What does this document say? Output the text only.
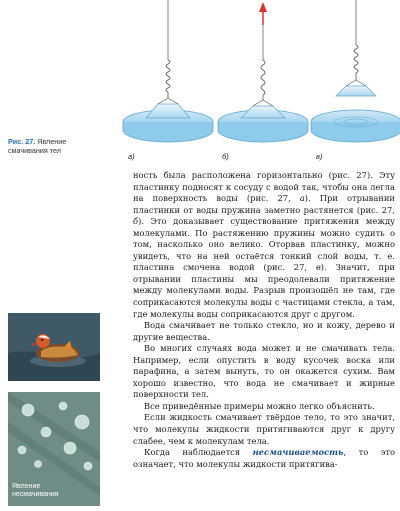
Рис. 27. Явление смачивания тел
а)	б)	в)
Явление несмачивания

ность была расположена горизонтально (рис. 27). Эту пластинку подносят к сосуду с водой так, чтобы она легла на поверхность воды (рис. 27, а). При отрывании пластинки от воды пружина заметно растянется (рис. 27, б). Это доказывает существование притяжения между молекулами. По растяжению пружины можно судить о том, насколько оно велико. Оторвав пластинку, можно увидеть, что на ней остаётся тонкий слой воды, т. е. пластина смочена водой (рис. 27, в). Значит, при отрывании пластины мы преодолевали притяжение между молекулами воды. Разрыв произошёл не там, где соприкасаются молекулы воды с частицами стекла, а там, где молекулы воды соприкасаются друг с другом.

Вода смачивает не только стекло, но и кожу, дерево и другие вещества.

Во многих случаях вода может и не смачивать тела. Например, если опустить в воду кусочек воска или парафина, а затем вынуть, то он окажется сухим. Вам хорошо известно, что вода не смачивает и жирные поверхности тел.

Все приведённые примеры можно легко объяснить.

Если жидкость смачивает твёрдое тело, то это значит, что молекулы жидкости притягиваются друг к другу слабее, чем к молекулам тела.

Когда наблюдается несмачиваемость, то это означает, что молекулы жидкости притягива-
